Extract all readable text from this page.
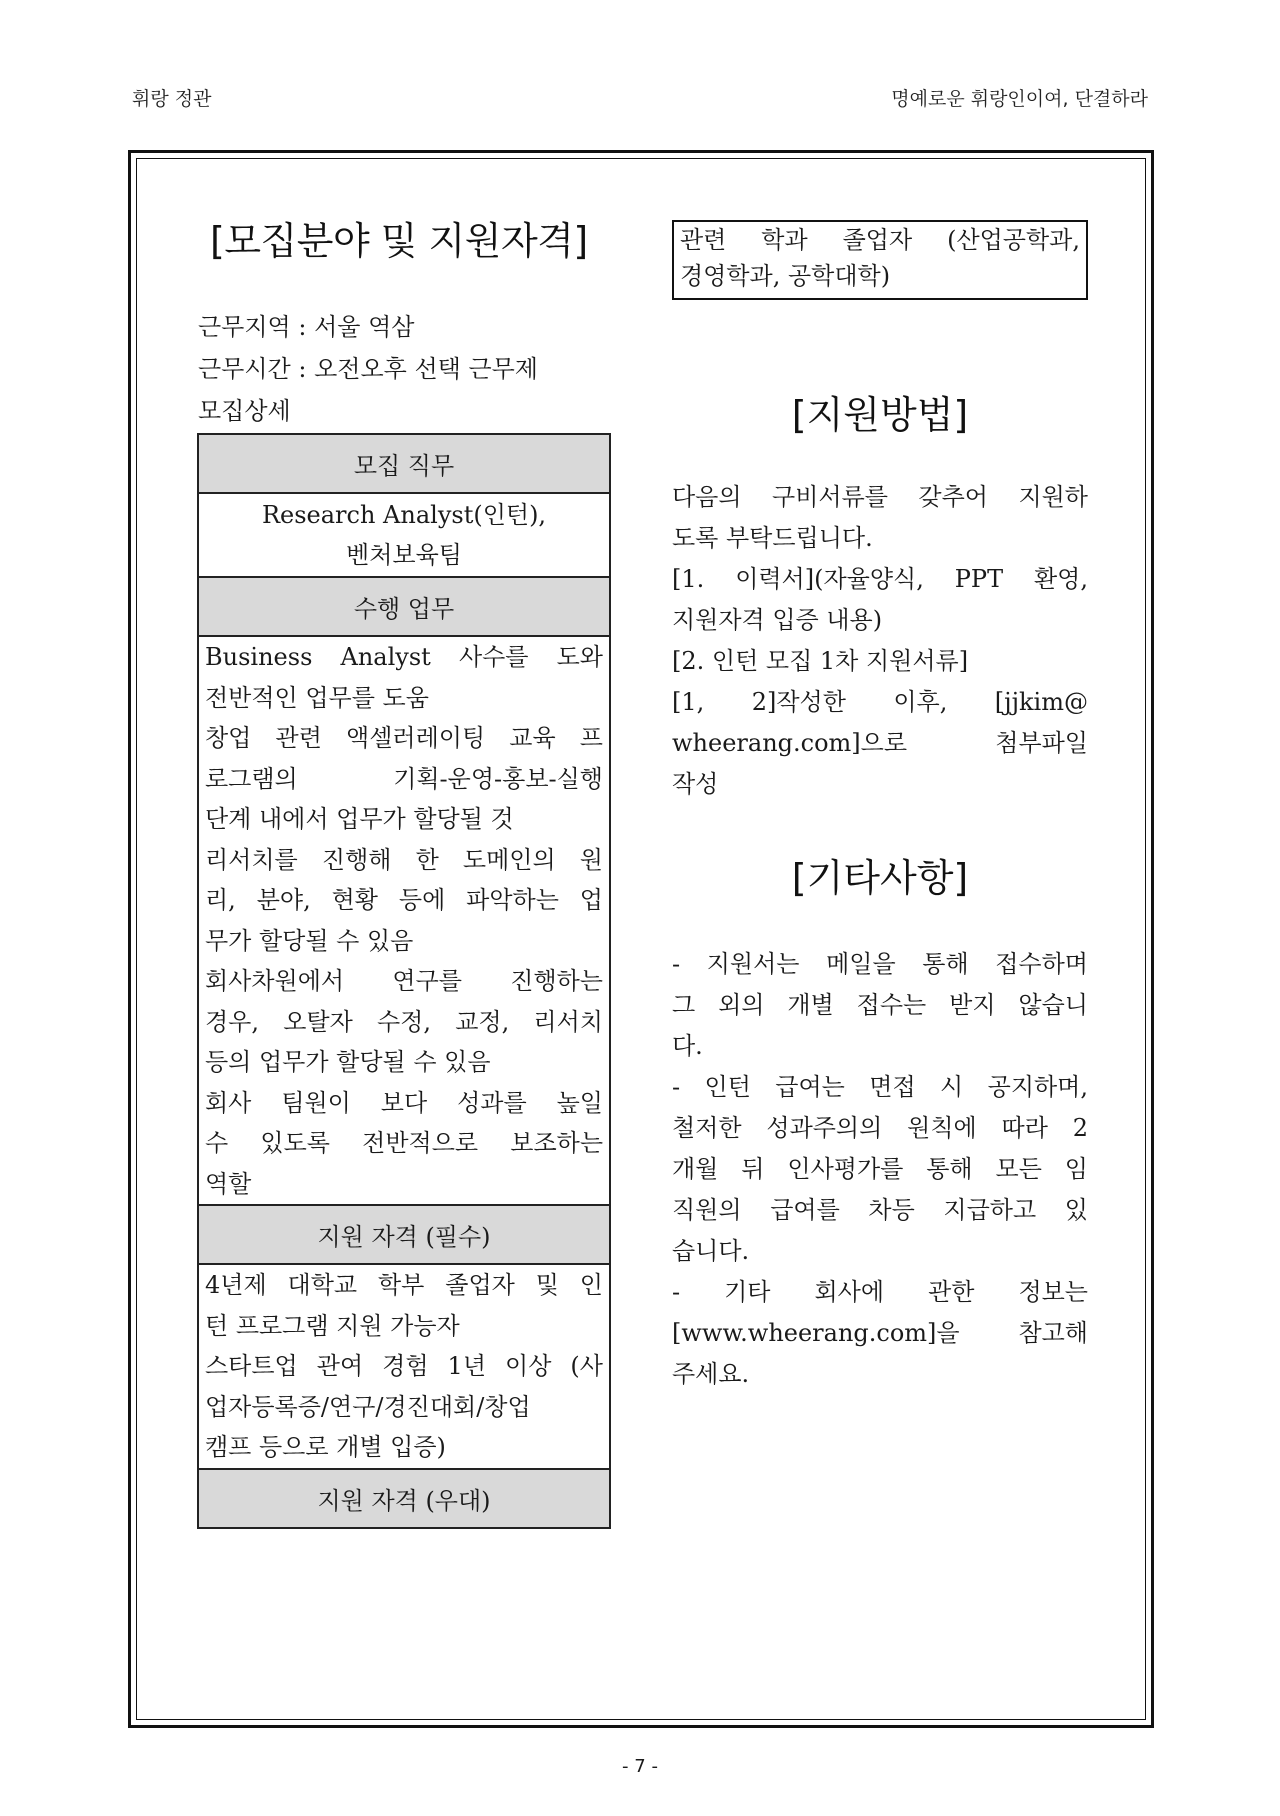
휘랑 정관	명예로운 휘랑인이여, 단결하라
[모집분야 및 지원자격]
근무지역 : 서울 역삼
근무시간 : 오전오후 선택 근무제
모집상세
모집 직무

Research Analyst(인턴),
벤처보육팀

수행 업무

Business Analyst 사수를 도와
전반적인 업무를 도움
창업 관련 액셀러레이팅 교육 프
로그램의 기획-운영-홍보-실행
단계 내에서 업무가 할당될 것
리서치를 진행해 한 도메인의 원
리, 분야, 현황 등에 파악하는 업
무가 할당될 수 있음
회사차원에서 연구를 진행하는
경우, 오탈자 수정, 교정, 리서치
등의 업무가 할당될 수 있음
회사 팀원이 보다 성과를 높일
수 있도록 전반적으로 보조하는
역할

지원 자격 (필수)

4년제 대학교 학부 졸업자 및 인
턴 프로그램 지원 가능자
스타트업 관여 경험 1년 이상 (사
업자등록증/연구/경진대회/창업
캠프 등으로 개별 입증)

지원 자격 (우대)
관련 학과 졸업자 (산업공학과,
경영학과, 공학대학)
[지원방법]
다음의 구비서류를 갖추어 지원하
도록 부탁드립니다.
[1. 이력서](자율양식, PPT 환영,
지원자격 입증 내용)
[2. 인턴 모집 1차 지원서류]
[1, 2]작성한 이후, [jjkim@
wheerang.com]으로 첨부파일
작성
[기타사항]
- 지원서는 메일을 통해 접수하며
그 외의 개별 접수는 받지 않습니
다.
- 인턴 급여는 면접 시 공지하며,
철저한 성과주의의 원칙에 따라 2
개월 뒤 인사평가를 통해 모든 임
직원의 급여를 차등 지급하고 있
습니다.
- 기타 회사에 관한 정보는
[www.wheerang.com]을 참고해
주세요.
- 7 -
